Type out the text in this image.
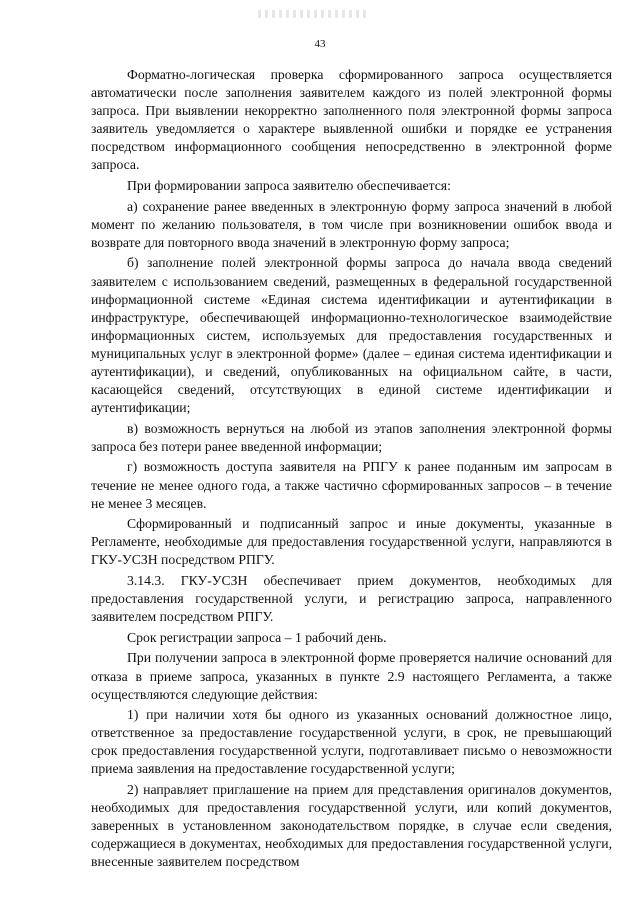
43

Форматно-логическая проверка сформированного запроса осуществляется автоматически после заполнения заявителем каждого из полей электронной формы запроса. При выявлении некорректно заполненного поля электронной формы запроса заявитель уведомляется о характере выявленной ошибки и порядке ее устранения посредством информационного сообщения непосредственно в электронной форме запроса.

При формировании запроса заявителю обеспечивается:

а) сохранение ранее введенных в электронную форму запроса значений в любой момент по желанию пользователя, в том числе при возникновении ошибок ввода и возврате для повторного ввода значений в электронную форму запроса;

б) заполнение полей электронной формы запроса до начала ввода сведений заявителем с использованием сведений, размещенных в федеральной государственной информационной системе «Единая система идентификации и аутентификации в инфраструктуре, обеспечивающей информационно-технологическое взаимодействие информационных систем, используемых для предоставления государственных и муниципальных услуг в электронной форме» (далее – единая система идентификации и аутентификации), и сведений, опубликованных на официальном сайте, в части, касающейся сведений, отсутствующих в единой системе идентификации и аутентификации;

в) возможность вернуться на любой из этапов заполнения электронной формы запроса без потери ранее введенной информации;

г) возможность доступа заявителя на РПГУ к ранее поданным им запросам в течение не менее одного года, а также частично сформированных запросов – в течение не менее 3 месяцев.

Сформированный и подписанный запрос и иные документы, указанные в Регламенте, необходимые для предоставления государственной услуги, направляются в ГКУ-УСЗН посредством РПГУ.

3.14.3. ГКУ-УСЗН обеспечивает прием документов, необходимых для предоставления государственной услуги, и регистрацию запроса, направленного заявителем посредством РПГУ.

Срок регистрации запроса – 1 рабочий день.

При получении запроса в электронной форме проверяется наличие оснований для отказа в приеме запроса, указанных в пункте 2.9 настоящего Регламента, а также осуществляются следующие действия:

1) при наличии хотя бы одного из указанных оснований должностное лицо, ответственное за предоставление государственной услуги, в срок, не превышающий срок предоставления государственной услуги, подготавливает письмо о невозможности приема заявления на предоставление государственной услуги;

2) направляет приглашение на прием для представления оригиналов документов, необходимых для предоставления государственной услуги, или копий документов, заверенных в установленном законодательством порядке, в случае если сведения, содержащиеся в документах, необходимых для предоставления государственной услуги, внесенные заявителем посредством
